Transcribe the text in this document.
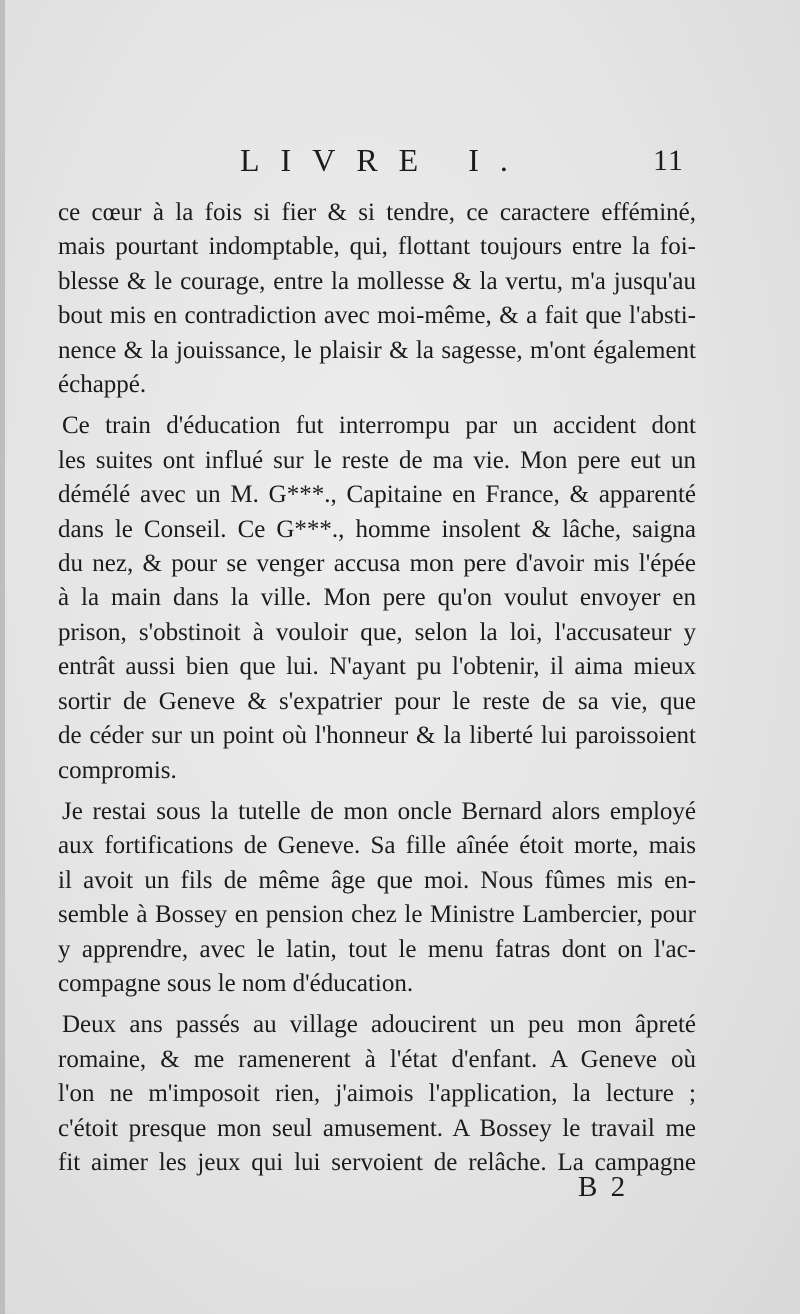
LIVRE I.	11

ce cœur à la fois si fier & si tendre, ce caractere efféminé,
mais pourtant indomptable, qui, flottant toujours entre la foi-
blesse & le courage, entre la mollesse & la vertu, m'a jusqu'au
bout mis en contradiction avec moi-même, & a fait que l'absti-
nence & la jouissance, le plaisir & la sagesse, m'ont également
échappé.

Ce train d'éducation fut interrompu par un accident dont
les suites ont influé sur le reste de ma vie. Mon pere eut un
démélé avec un M. G***., Capitaine en France, & apparenté
dans le Conseil. Ce G***., homme insolent & lâche, saigna
du nez, & pour se venger accusa mon pere d'avoir mis l'épée
à la main dans la ville. Mon pere qu'on voulut envoyer en
prison, s'obstinoit à vouloir que, selon la loi, l'accusateur y
entrât aussi bien que lui. N'ayant pu l'obtenir, il aima mieux
sortir de Geneve & s'expatrier pour le reste de sa vie, que
de céder sur un point où l'honneur & la liberté lui paroissoient
compromis.

Je restai sous la tutelle de mon oncle Bernard alors employé
aux fortifications de Geneve. Sa fille aînée étoit morte, mais
il avoit un fils de même âge que moi. Nous fûmes mis en-
semble à Bossey en pension chez le Ministre Lambercier, pour
y apprendre, avec le latin, tout le menu fatras dont on l'ac-
compagne sous le nom d'éducation.

Deux ans passés au village adoucirent un peu mon âpreté
romaine, & me ramenerent à l'état d'enfant. A Geneve où
l'on ne m'imposoit rien, j'aimois l'application, la lecture ;
c'étoit presque mon seul amusement. A Bossey le travail me
fit aimer les jeux qui lui servoient de relâche. La campagne

B 2
